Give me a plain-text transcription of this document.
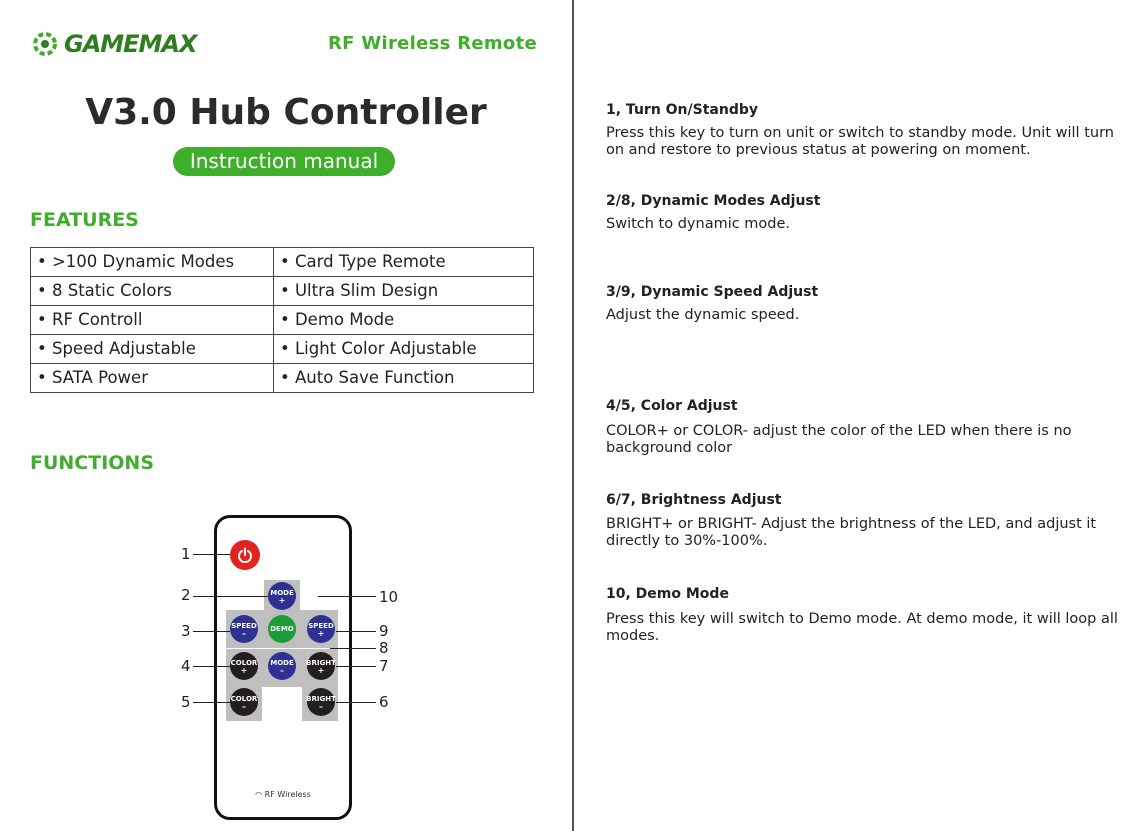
GAMEMAX	RF Wireless Remote
V3.0 Hub Controller
Instruction manual
FEATURES
• >100 Dynamic Modes	• Card Type Remote
• 8 Static Colors	• Ultra Slim Design
• RF Controll	• Demo Mode
• Speed Adjustable	• Light Color Adjustable
• SATA Power	• Auto Save Function
FUNCTIONS
MODE
+
SPEED
–	DEMO SPEED
+
COLOR
+
MODE
–
BRIGHT
+
COLOR
–
BRIGHT
–
◠ RF Wireless
1
2	10
3	9
8
4	7
5	6
1, Turn On/Standby
Press this key to turn on unit or switch to standby mode. Unit will turn on and restore to previous status at powering on moment.
2/8, Dynamic Modes Adjust
Switch to dynamic mode.
3/9, Dynamic Speed Adjust
Adjust the dynamic speed.
4/5, Color Adjust
COLOR+ or COLOR- adjust the color of the LED when there is no background color
6/7, Brightness Adjust
BRIGHT+ or BRIGHT- Adjust the brightness of the LED, and adjust it directly to 30%-100%.
10, Demo Mode
Press this key will switch to Demo mode. At demo mode, it will loop all modes.
